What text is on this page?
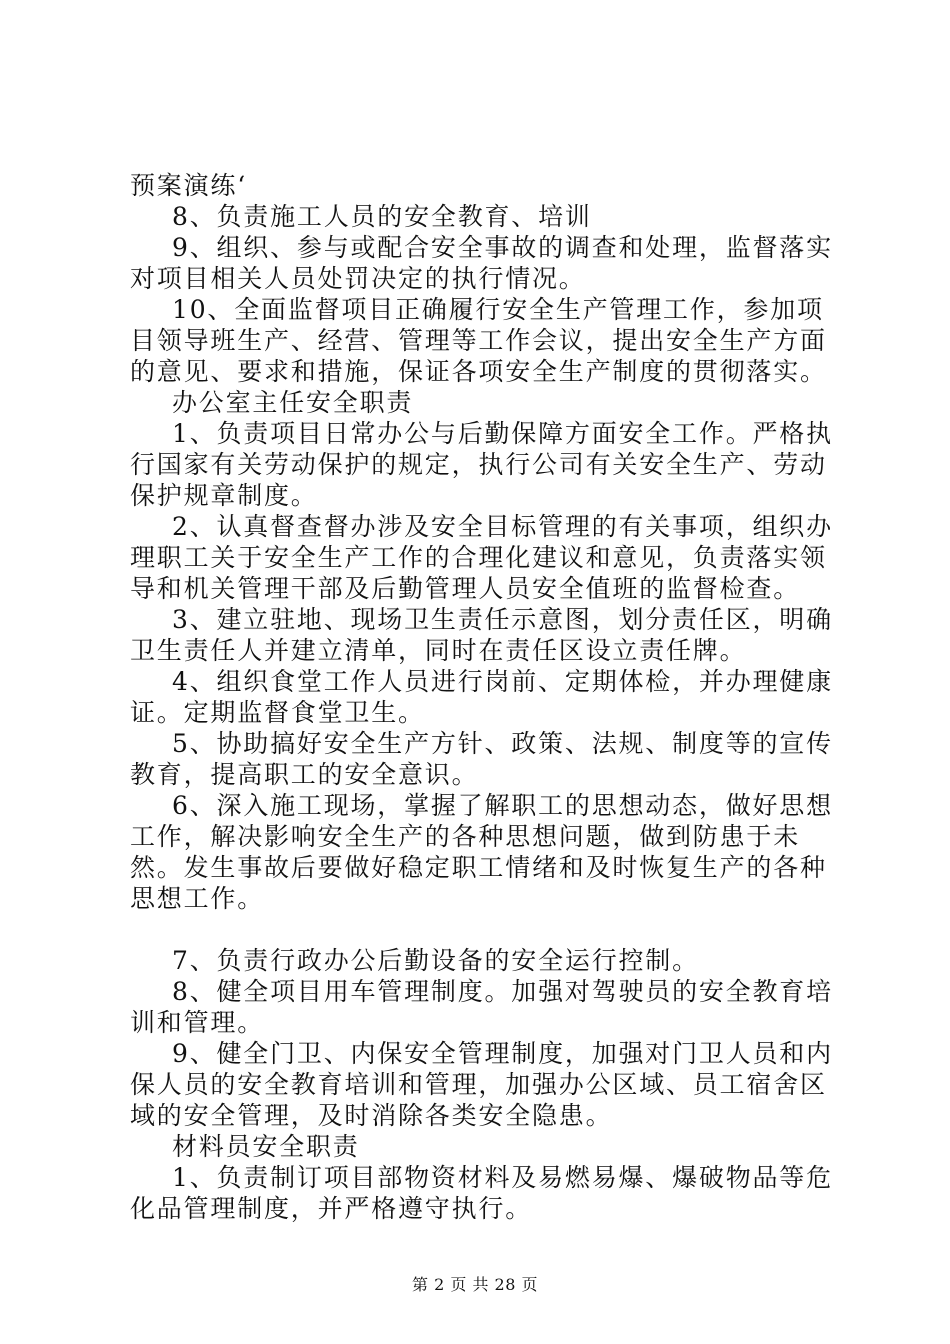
预案演练‘

8、负责施工人员的安全教育、培训

9、组织、参与或配合安全事故的调查和处理，监督落实对项目相关人员处罚决定的执行情况。

10、全面监督项目正确履行安全生产管理工作，参加项目领导班生产、经营、管理等工作会议，提出安全生产方面的意见、要求和措施，保证各项安全生产制度的贯彻落实。

办公室主任安全职责

1、负责项目日常办公与后勤保障方面安全工作。严格执行国家有关劳动保护的规定，执行公司有关安全生产、劳动保护规章制度。

2、认真督查督办涉及安全目标管理的有关事项，组织办理职工关于安全生产工作的合理化建议和意见，负责落实领导和机关管理干部及后勤管理人员安全值班的监督检查。

3、建立驻地、现场卫生责任示意图，划分责任区，明确卫生责任人并建立清单，同时在责任区设立责任牌。

4、组织食堂工作人员进行岗前、定期体检，并办理健康证。定期监督食堂卫生。

5、协助搞好安全生产方针、政策、法规、制度等的宣传教育，提高职工的安全意识。

6、深入施工现场，掌握了解职工的思想动态，做好思想工作，解决影响安全生产的各种思想问题，做到防患于未然。发生事故后要做好稳定职工情绪和及时恢复生产的各种思想工作。

7、负责行政办公后勤设备的安全运行控制。

8、健全项目用车管理制度。加强对驾驶员的安全教育培训和管理。

9、健全门卫、内保安全管理制度，加强对门卫人员和内保人员的安全教育培训和管理，加强办公区域、员工宿舍区域的安全管理，及时消除各类安全隐患。

材料员安全职责

1、负责制订项目部物资材料及易燃易爆、爆破物品等危化品管理制度，并严格遵守执行。

第 2 页 共 28 页
